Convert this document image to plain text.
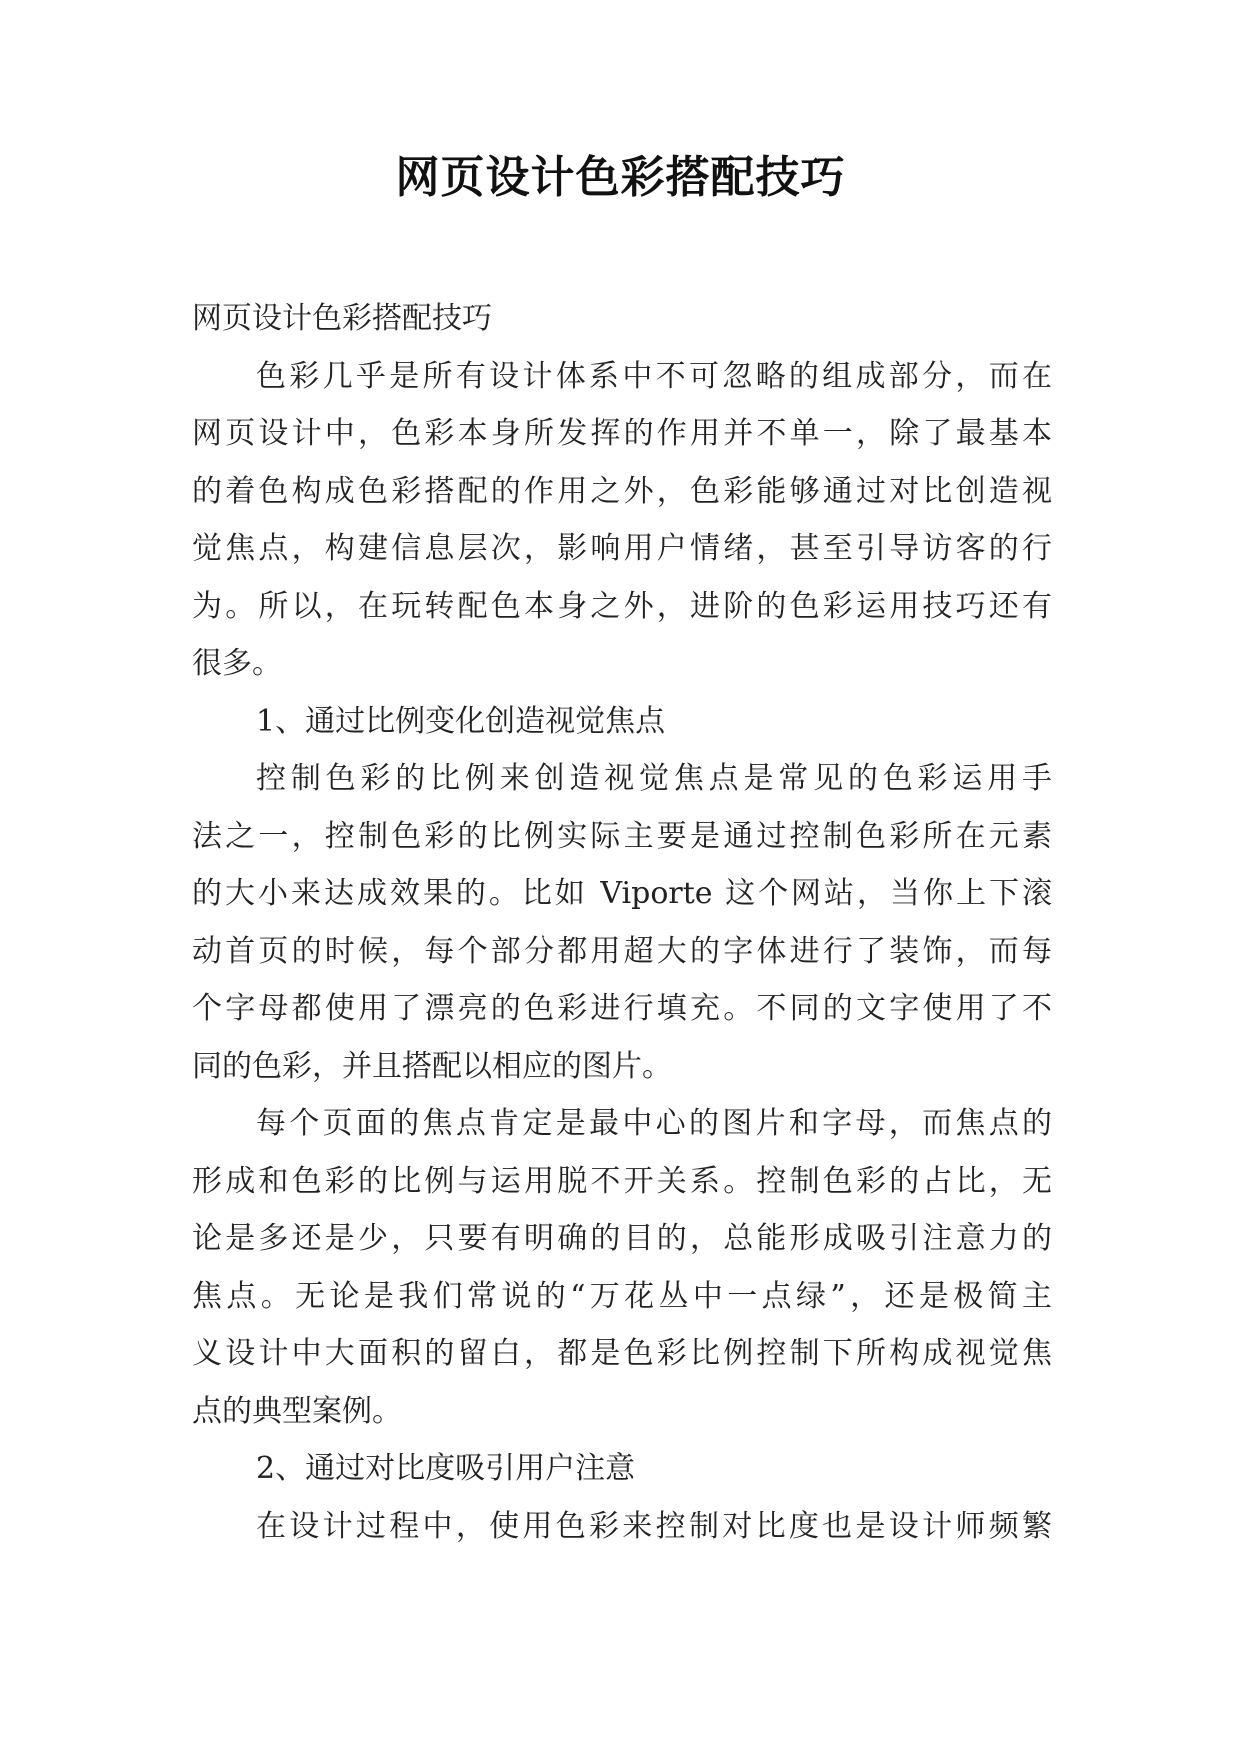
网页设计色彩搭配技巧
网页设计色彩搭配技巧
色彩几乎是所有设计体系中不可忽略的组成部分，而在
网页设计中，色彩本身所发挥的作用并不单一，除了最基本
的着色构成色彩搭配的作用之外，色彩能够通过对比创造视
觉焦点，构建信息层次，影响用户情绪，甚至引导访客的行
为。所以，在玩转配色本身之外，进阶的色彩运用技巧还有
很多。
1、通过比例变化创造视觉焦点
控制色彩的比例来创造视觉焦点是常见的色彩运用手
法之一，控制色彩的比例实际主要是通过控制色彩所在元素
的大小来达成效果的。比如 Viporte 这个网站，当你上下滚
动首页的时候，每个部分都用超大的字体进行了装饰，而每
个字母都使用了漂亮的色彩进行填充。不同的文字使用了不
同的色彩，并且搭配以相应的图片。
每个页面的焦点肯定是最中心的图片和字母，而焦点的
形成和色彩的比例与运用脱不开关系。控制色彩的占比，无
论是多还是少，只要有明确的目的，总能形成吸引注意力的
焦点。无论是我们常说的“万花丛中一点绿”，还是极简主
义设计中大面积的留白，都是色彩比例控制下所构成视觉焦
点的典型案例。
2、通过对比度吸引用户注意
在设计过程中，使用色彩来控制对比度也是设计师频繁
